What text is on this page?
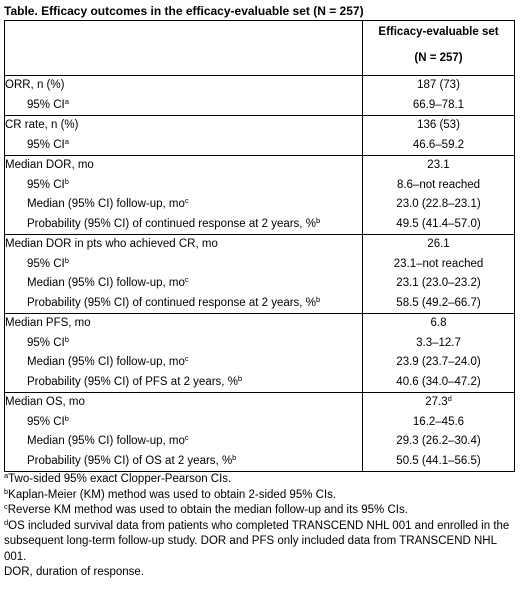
Table. Efficacy outcomes in the efficacy-evaluable set (N = 257)
	Efficacy-evaluable set
(N = 257)

ORR, n (%)	187 (73)
95% $CI^a$	66.9–78.1
CR rate, n (%)	136 (53)
95% $CI^a$	46.6–59.2
Median DOR, mo	23.1
95% $CI^b$	8.6–not reached
Median (95% CI) follow-up, $mo^c$	23.0 (22.8–23.1)
Probability (95% CI) of continued response at 2 years, %$^b$	49.5 (41.4–57.0)
Median DOR in pts who achieved CR, mo	26.1
95% $CI^b$	23.1–not reached
Median (95% CI) follow-up, $mo^c$	23.1 (23.0–23.2)
Probability (95% CI) of continued response at 2 years, %$^b$	58.5 (49.2–66.7)
Median PFS, mo	6.8
95% $CI^b$	3.3–12.7
Median (95% CI) follow-up, $mo^c$	23.9 (23.7–24.0)
Probability (95% CI) of PFS at 2 years, %$^b$	40.6 (34.0–47.2)
Median OS, mo	27.3$^d$
95% $CI^b$	16.2–45.6
Median (95% CI) follow-up, $mo^c$	29.3 (26.2–30.4)
Probability (95% CI) of OS at 2 years, %$^b$	50.5 (44.1–56.5)
$^a$Two-sided 95% exact Clopper-Pearson CIs.
$^b$Kaplan-Meier (KM) method was used to obtain 2-sided 95% CIs.
$^c$Reverse KM method was used to obtain the median follow-up and its 95% CIs.
$^d$OS included survival data from patients who completed TRANSCEND NHL 001 and enrolled in the subsequent long-term follow-up study. DOR and PFS only included data from TRANSCEND NHL 001.
DOR, duration of response.
